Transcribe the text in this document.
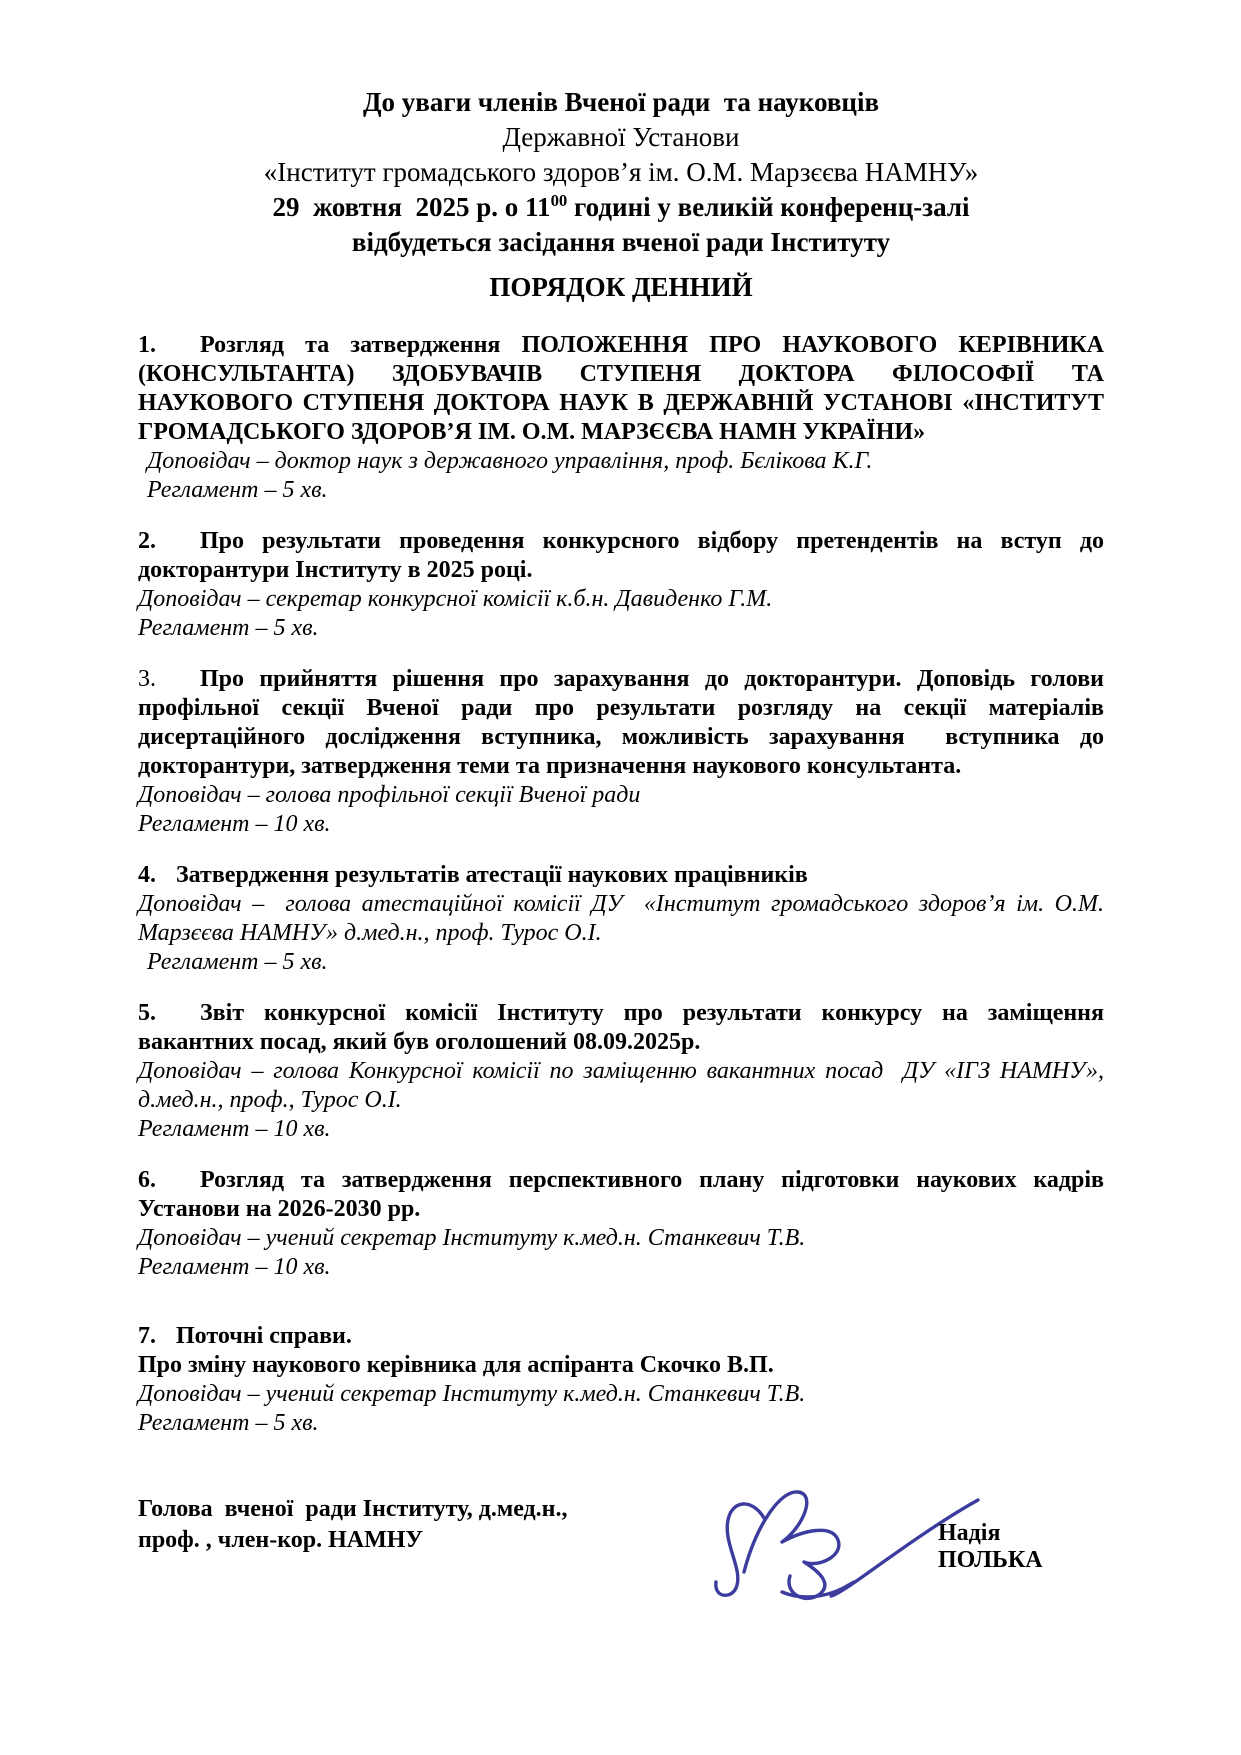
До уваги членів Вченої ради  та науковців

Державної Установи

«Інститут громадського здоров’я ім. О.М. Марзєєва НАМНУ»

29  жовтня  2025 р. о $11^{00}$ годині у великій конференц-залі

відбудеться засідання вченої ради Інституту

ПОРЯДОК ДЕННИЙ

1. Розгляд та затвердження ПОЛОЖЕННЯ ПРО НАУКОВОГО КЕРІВНИКА (КОНСУЛЬТАНТА) ЗДОБУВАЧІВ СТУПЕНЯ ДОКТОРА ФІЛОСОФІЇ ТА НАУКОВОГО СТУПЕНЯ ДОКТОРА НАУК В ДЕРЖАВНІЙ УСТАНОВІ «ІНСТИТУТ ГРОМАДСЬКОГО ЗДОРОВ’Я ІМ. О.М. МАРЗЄЄВА НАМН УКРАЇНИ»

Доповідач – доктор наук з державного управління, проф. Бєлікова К.Г.

Регламент – 5 хв.

2. Про результати проведення конкурсного відбору претендентів на вступ до докторантури Інституту в 2025 році.

Доповідач – секретар конкурсної комісії к.б.н. Давиденко Г.М.

Регламент – 5 хв.

3. Про прийняття рішення про зарахування до докторантури. Доповідь голови профільної секції Вченої ради про результати розгляду на секції матеріалів дисертаційного дослідження вступника, можливість зарахування  вступника до докторантури, затвердження теми та призначення наукового консультанта.

Доповідач – голова профільної секції Вченої ради

Регламент – 10 хв.

4. Затвердження результатів атестації наукових працівників

Доповідач –  голова атестаційної комісії ДУ  «Інститут громадського здоров’я ім. О.М. Марзєєва НАМНУ» д.мед.н., проф. Турос О.І.

Регламент – 5 хв.

5. Звіт конкурсної комісії Інституту про результати конкурсу на заміщення вакантних посад, який був оголошений 08.09.2025р.

Доповідач – голова Конкурсної комісії по заміщенню вакантних посад  ДУ «ІГЗ НАМНУ», д.мед.н., проф., Турос О.І.

Регламент – 10 хв.

6. Розгляд та затвердження перспективного плану підготовки наукових кадрів Установи на 2026-2030 рр.

Доповідач – учений секретар Інституту к.мед.н. Станкевич Т.В.

Регламент – 10 хв.

7. Поточні справи.

Про зміну наукового керівника для аспіранта Скочко В.П.

Доповідач – учений секретар Інституту к.мед.н. Станкевич Т.В.

Регламент – 5 хв.

Голова  вченої  ради Інституту, д.мед.н.,
проф. , член-кор. НАМНУ	Надія ПОЛЬКА
